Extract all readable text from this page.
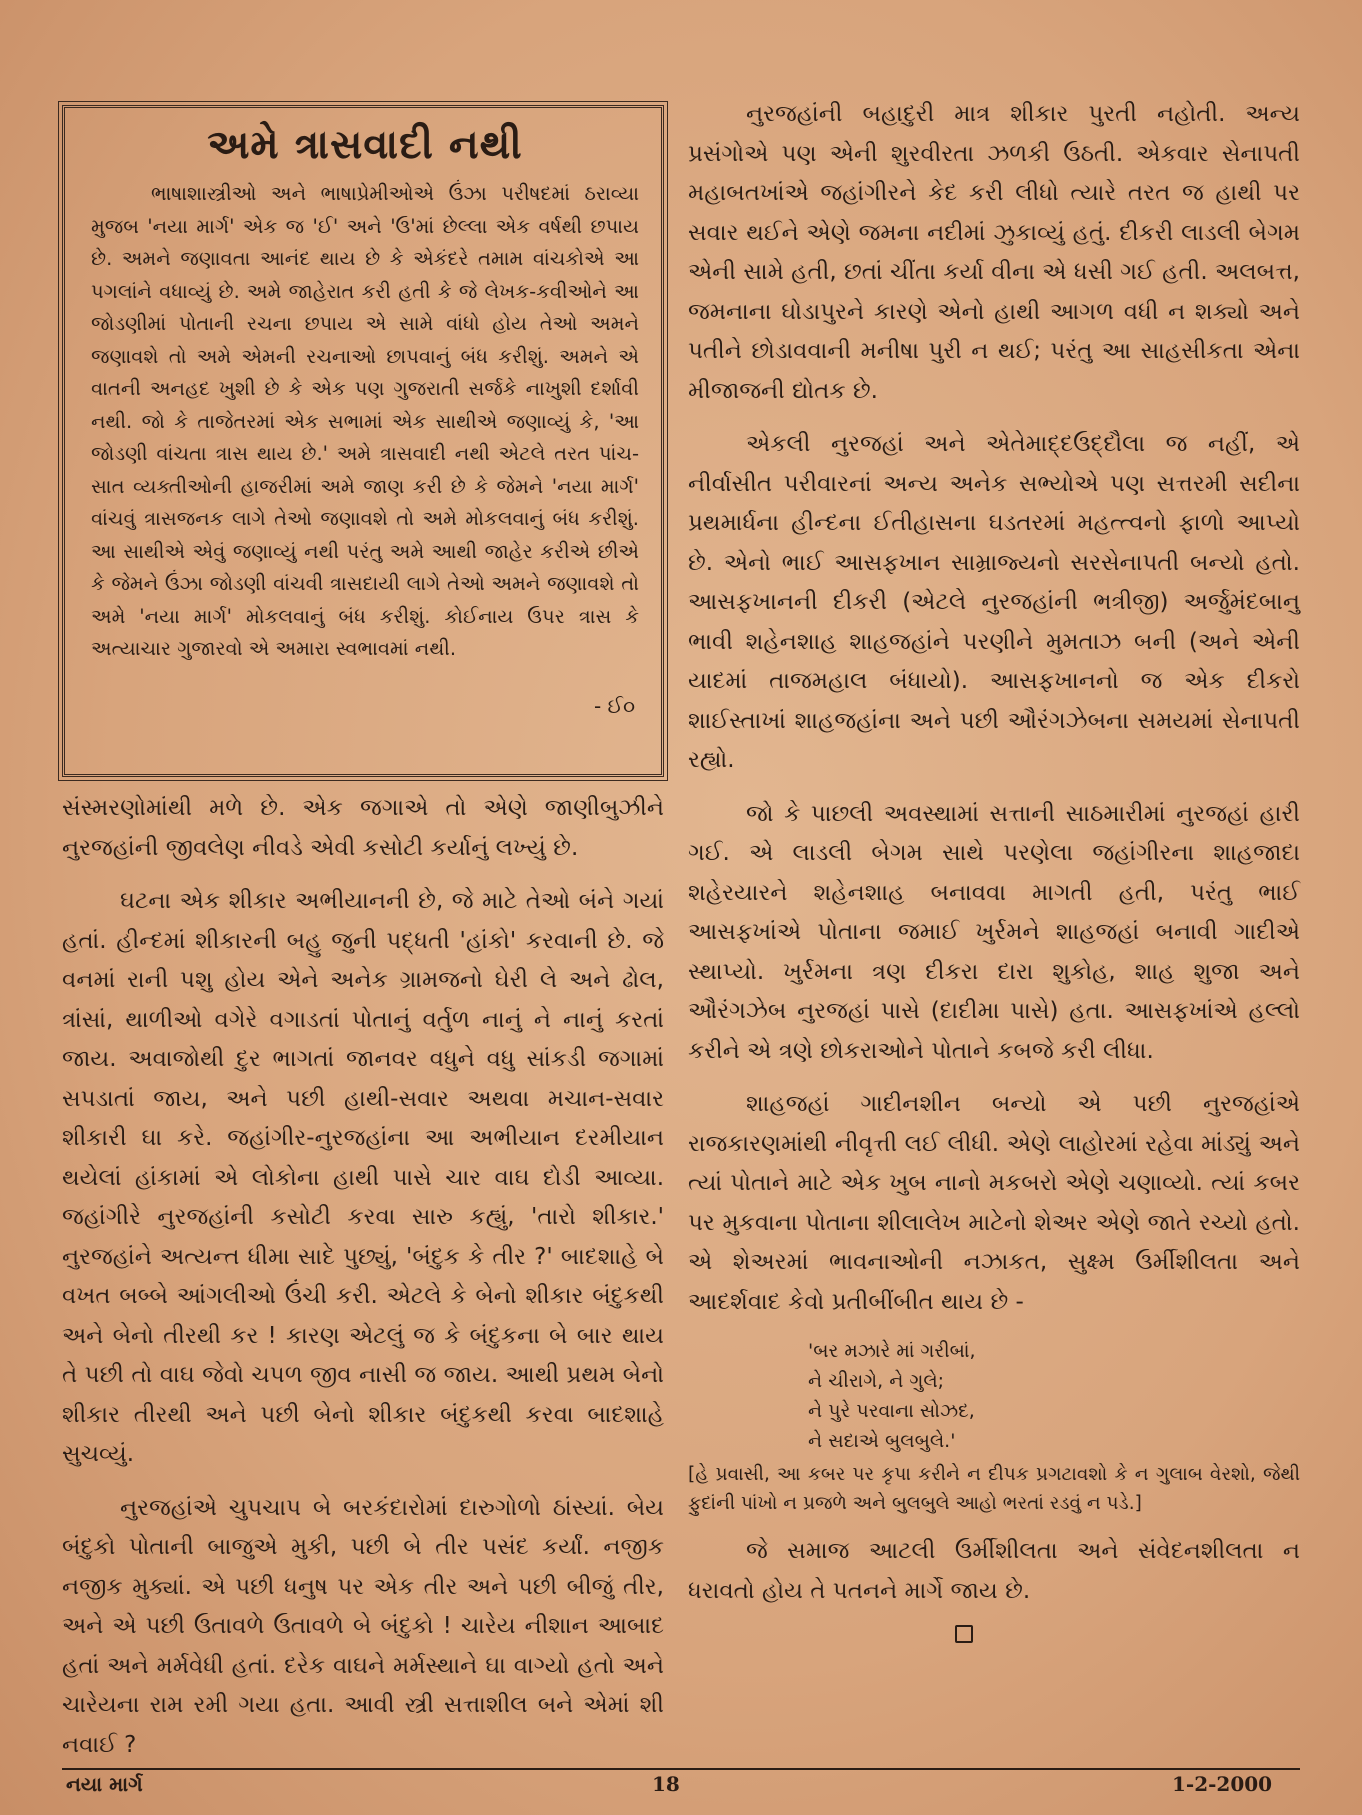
અમે ત્રાસવાદી નથી

ભાષાશાસ્ત્રીઓ અને ભાષાપ્રેમીઓએ ઉંઝા પરીષદમાં ઠરાવ્યા મુજબ 'નયા માર્ગ' એક જ 'ઈ' અને 'ઉ'માં છેલ્લા એક વર્ષથી છપાય છે. અમને જણાવતા આનંદ થાય છે કે એકંદરે તમામ વાંચકોએ આ પગલાંને વધાવ્યું છે. અમે જાહેરાત કરી હતી કે જે લેખક-કવીઓને આ જોડણીમાં પોતાની રચના છપાય એ સામે વાંધો હોય તેઓ અમને જણાવશે તો અમે એમની રચનાઓ છાપવાનું બંધ કરીશું. અમને એ વાતની અનહદ ખુશી છે કે એક પણ ગુજરાતી સર્જકે નાખુશી દર્શાવી નથી. જો કે તાજેતરમાં એક સભામાં એક સાથીએ જણાવ્યું કે, 'આ જોડણી વાંચતા ત્રાસ થાય છે.' અમે ત્રાસવાદી નથી એટલે તરત પાંચ-સાત વ્યક્તીઓની હાજરીમાં અમે જાણ કરી છે કે જેમને 'નયા માર્ગ' વાંચવું ત્રાસજનક લાગે તેઓ જણાવશે તો અમે મોકલવાનું બંધ કરીશું. આ સાથીએ એવું જણાવ્યું નથી પરંતુ અમે આથી જાહેર કરીએ છીએ કે જેમને ઉંઝા જોડણી વાંચવી ત્રાસદાયી લાગે તેઓ અમને જણાવશે તો અમે 'નયા માર્ગ' મોકલવાનું બંધ કરીશું. કોઈનાય ઉપર ત્રાસ કે અત્યાચાર ગુજારવો એ અમારા સ્વભાવમાં નથી.

- ઈ૦

સંસ્મરણોમાંથી મળે છે. એક જગાએ તો એણે જાણીબુઝીને નુરજહાંની જીવલેણ નીવડે એવી કસોટી કર્યાનું લખ્યું છે.

ઘટના એક શીકાર અભીયાનની છે, જે માટે તેઓ બંને ગયાં હતાં. હીન્દમાં શીકારની બહુ જુની પદ્ધતી 'હાંકો' કરવાની છે. જે વનમાં રાની પશુ હોય એને અનેક ગ્રામજનો ઘેરી લે અને ઢોલ, ત્રાંસાં, થાળીઓ વગેરે વગાડતાં પોતાનું વર્તુળ નાનું ને નાનું કરતાં જાય. અવાજોથી દુર ભાગતાં જાનવર વધુને વધુ સાંકડી જગામાં સપડાતાં જાય, અને પછી હાથી-સવાર અથવા મચાન-સવાર શીકારી ઘા કરે. જહાંગીર-નુરજહાંના આ અભીયાન દરમીયાન થયેલાં હાંકામાં એ લોકોના હાથી પાસે ચાર વાઘ દોડી આવ્યા. જહાંગીરે નુરજહાંની કસોટી કરવા સારુ કહ્યું, 'તારો શીકાર.' નુરજહાંને અત્યન્ત ધીમા સાદે પુછ્યું, 'બંદુક કે તીર ?' બાદશાહે બે વખત બબ્બે આંગલીઓ ઉંચી કરી. એટલે કે બેનો શીકાર બંદુકથી અને બેનો તીરથી કર ! કારણ એટલું જ કે બંદુકના બે બાર થાય તે પછી તો વાઘ જેવો ચપળ જીવ નાસી જ જાય. આથી પ્રથમ બેનો શીકાર તીરથી અને પછી બેનો શીકાર બંદુકથી કરવા બાદશાહે સુચવ્યું.

નુરજહાંએ ચુપચાપ બે બરકંદારોમાં દારુગોળો ઠાંસ્યાં. બેય બંદુકો પોતાની બાજુએ મુકી, પછી બે તીર પસંદ કર્યાં. નજીક નજીક મુક્યાં. એ પછી ધનુષ પર એક તીર અને પછી બીજું તીર, અને એ પછી ઉતાવળે ઉતાવળે બે બંદુકો ! ચારેય નીશાન આબાદ હતાં અને મર્મવેધી હતાં. દરેક વાઘને મર્મસ્થાને ઘા વાગ્યો હતો અને ચારેયના રામ રમી ગયા હતા. આવી સ્ત્રી સત્તાશીલ બને એમાં શી નવાઈ ?

નુરજહાંની બહાદુરી માત્ર શીકાર પુરતી નહોતી. અન્ય પ્રસંગોએ પણ એની શુરવીરતા ઝળકી ઉઠતી. એકવાર સેનાપતી મહાબતખાંએ જહાંગીરને કેદ કરી લીધો ત્યારે તરત જ હાથી પર સવાર થઈને એણે જમના નદીમાં ઝુકાવ્યું હતું. દીકરી લાડલી બેગમ એની સામે હતી, છતાં ચીંતા કર્યા વીના એ ધસી ગઈ હતી. અલબત્ત, જમનાના ઘોડાપુરને કારણે એનો હાથી આગળ વધી ન શક્યો અને પતીને છોડાવવાની મનીષા પુરી ન થઈ; પરંતુ આ સાહસીકતા એના મીજાજની દ્યોતક છે.

એકલી નુરજહાં અને એતેમાદ્દઉદ્દૌલા જ નહીં, એ નીર્વાસીત પરીવારનાં અન્ય અનેક સભ્યોએ પણ સત્તરમી સદીના પ્રથમાર્ધના હીન્દના ઈતીહાસના ઘડતરમાં મહત્ત્વનો ફાળો આપ્યો છે. એનો ભાઈ આસફખાન સામ્રાજ્યનો સરસેનાપતી બન્યો હતો. આસફખાનની દીકરી (એટલે નુરજહાંની ભત્રીજી) અર્જુમંદબાનુ ભાવી શહેનશાહ શાહજહાંને પરણીને મુમતાઝ બની (અને એની યાદમાં તાજમહાલ બંધાયો). આસફખાનનો જ એક દીકરો શાઈસ્તાખાં શાહજહાંના અને પછી ઔરંગઝેબના સમયમાં સેનાપતી રહ્યો.

જો કે પાછલી અવસ્થામાં સત્તાની સાઠમારીમાં નુરજહાં હારી ગઈ. એ લાડલી બેગમ સાથે પરણેલા જહાંગીરના શાહજાદા શહેરયારને શહેનશાહ બનાવવા માગતી હતી, પરંતુ ભાઈ આસફખાંએ પોતાના જમાઈ ખુર્રમને શાહજહાં બનાવી ગાદીએ સ્થાપ્યો. ખુર્રમના ત્રણ દીકરા દારા શુકોહ, શાહ શુજા અને ઔરંગઝેબ નુરજહાં પાસે (દાદીમા પાસે) હતા. આસફખાંએ હલ્લો કરીને એ ત્રણે છોકરાઓને પોતાને કબજે કરી લીધા.

શાહજહાં ગાદીનશીન બન્યો એ પછી નુરજહાંએ રાજકારણમાંથી નીવૃત્તી લઈ લીધી. એણે લાહોરમાં રહેવા માંડ્યું અને ત્યાં પોતાને માટે એક ખુબ નાનો મકબરો એણે ચણાવ્યો. ત્યાં કબર પર મુકવાના પોતાના શીલાલેખ માટેનો શેઅર એણે જાતે રચ્યો હતો. એ શેઅરમાં ભાવનાઓની નઝાકત, સુક્ષ્મ ઉર્મીશીલતા અને આદર્શવાદ કેવો પ્રતીબીંબીત થાય છે -

'બર મઝારે માં ગરીબાં,
ને ચીરાગે, ને ગુલે;
ને પુરે પરવાના સોઝદ,
ને સદાએ બુલબુલે.'
[હે પ્રવાસી, આ કબર પર કૃપા કરીને ન દીપક પ્રગટાવશો કે ન ગુલાબ વેરશો, જેથી ફુદાંની પાંખો ન પ્રજળે અને બુલબુલે આહો ભરતાં રડવું ન પડે.]

જે સમાજ આટલી ઉર્મીશીલતા અને સંવેદનશીલતા ન ધરાવતો હોય તે પતનને માર્ગે જાય છે.

નયા માર્ગ	18	1-2-2000
